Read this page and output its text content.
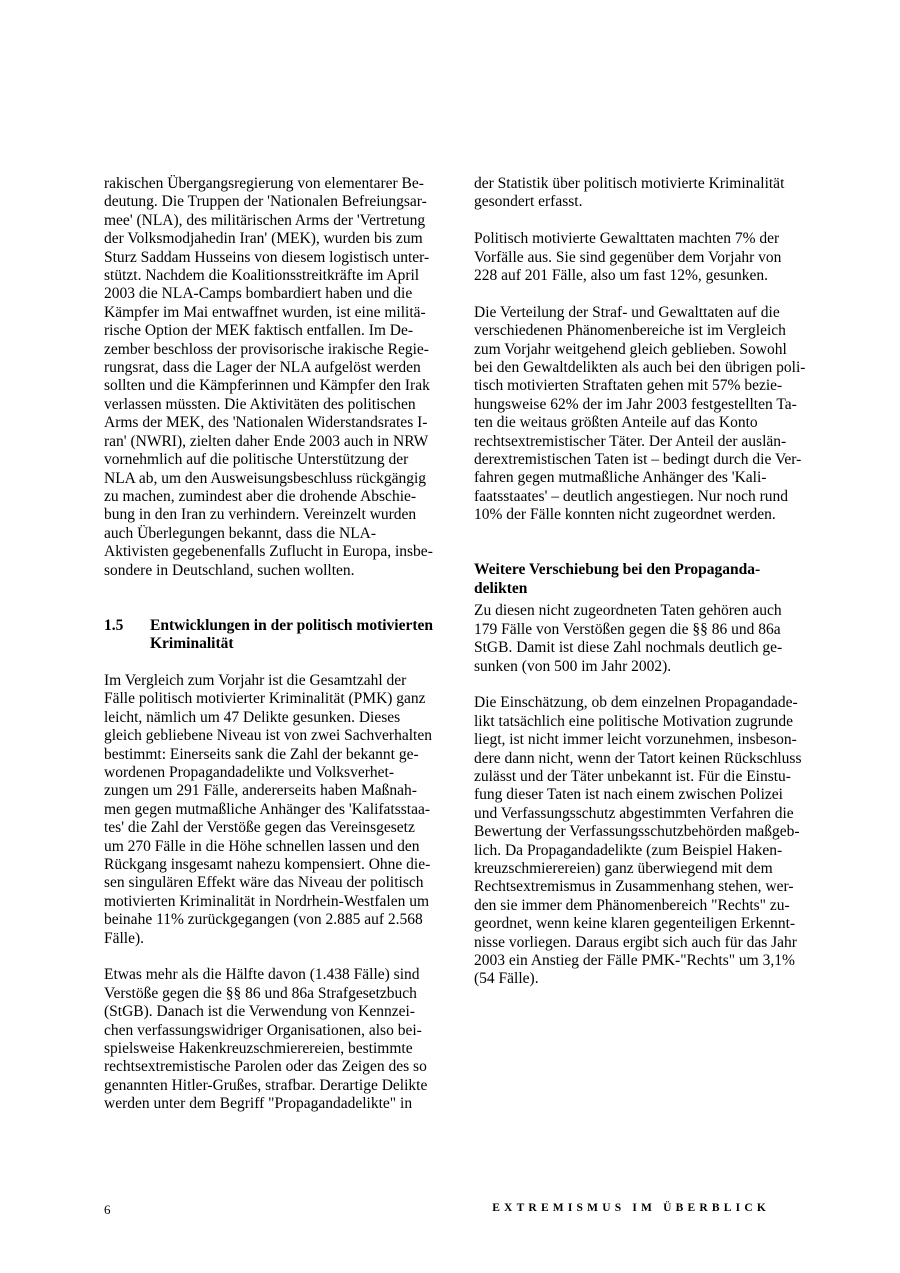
rakischen Übergangsregierung von elementarer Be-
deutung. Die Truppen der 'Nationalen Befreiungsar-
mee' (NLA), des militärischen Arms der 'Vertretung
der Volksmodjahedin Iran' (MEK), wurden bis zum
Sturz Saddam Husseins von diesem logistisch unter-
stützt. Nachdem die Koalitionsstreitkräfte im April
2003 die NLA-Camps bombardiert haben und die
Kämpfer im Mai entwaffnet wurden, ist eine militä-
rische Option der MEK faktisch entfallen. Im De-
zember beschloss der provisorische irakische Regie-
rungsrat, dass die Lager der NLA aufgelöst werden
sollten und die Kämpferinnen und Kämpfer den Irak
verlassen müssten. Die Aktivitäten des politischen
Arms der MEK, des 'Nationalen Widerstandsrates I-
ran' (NWRI), zielten daher Ende 2003 auch in NRW
vornehmlich auf die politische Unterstützung der
NLA ab, um den Ausweisungsbeschluss rückgängig
zu machen, zumindest aber die drohende Abschie-
bung in den Iran zu verhindern. Vereinzelt wurden
auch Überlegungen bekannt, dass die NLA-
Aktivisten gegebenenfalls Zuflucht in Europa, insbe-
sondere in Deutschland, suchen wollten.

1.5	Entwicklungen in der politisch motivierten
Kriminalität

Im Vergleich zum Vorjahr ist die Gesamtzahl der
Fälle politisch motivierter Kriminalität (PMK) ganz
leicht, nämlich um 47 Delikte gesunken. Dieses
gleich gebliebene Niveau ist von zwei Sachverhalten
bestimmt: Einerseits sank die Zahl der bekannt ge-
wordenen Propagandadelikte und Volksverhet-
zungen um 291 Fälle, andererseits haben Maßnah-
men gegen mutmaßliche Anhänger des 'Kalifatsstaa-
tes' die Zahl der Verstöße gegen das Vereinsgesetz
um 270 Fälle in die Höhe schnellen lassen und den
Rückgang insgesamt nahezu kompensiert. Ohne die-
sen singulären Effekt wäre das Niveau der politisch
motivierten Kriminalität in Nordrhein-Westfalen um
beinahe 11% zurückgegangen (von 2.885 auf 2.568
Fälle).

Etwas mehr als die Hälfte davon (1.438 Fälle) sind
Verstöße gegen die §§ 86 und 86a Strafgesetzbuch
(StGB). Danach ist die Verwendung von Kennzei-
chen verfassungswidriger Organisationen, also bei-
spielsweise Hakenkreuzschmierereien, bestimmte
rechtsextremistische Parolen oder das Zeigen des so
genannten Hitler-Grußes, strafbar. Derartige Delikte
werden unter dem Begriff "Propagandadelikte" in

der Statistik über politisch motivierte Kriminalität
gesondert erfasst.

Politisch motivierte Gewalttaten machten 7% der
Vorfälle aus. Sie sind gegenüber dem Vorjahr von
228 auf 201 Fälle, also um fast 12%, gesunken.

Die Verteilung der Straf- und Gewalttaten auf die
verschiedenen Phänomenbereiche ist im Vergleich
zum Vorjahr weitgehend gleich geblieben. Sowohl
bei den Gewaltdelikten als auch bei den übrigen poli-
tisch motivierten Straftaten gehen mit 57% bezie-
hungsweise 62% der im Jahr 2003 festgestellten Ta-
ten die weitaus größten Anteile auf das Konto
rechtsextremistischer Täter. Der Anteil der auslän-
derextremistischen Taten ist – bedingt durch die Ver-
fahren gegen mutmaßliche Anhänger des 'Kali-
faatsstaates' – deutlich angestiegen. Nur noch rund
10% der Fälle konnten nicht zugeordnet werden.

Weitere Verschiebung bei den Propaganda-
delikten

Zu diesen nicht zugeordneten Taten gehören auch
179 Fälle von Verstößen gegen die §§ 86 und 86a
StGB. Damit ist diese Zahl nochmals deutlich ge-
sunken (von 500 im Jahr 2002).

Die Einschätzung, ob dem einzelnen Propagandade-
likt tatsächlich eine politische Motivation zugrunde
liegt, ist nicht immer leicht vorzunehmen, insbeson-
dere dann nicht, wenn der Tatort keinen Rückschluss
zulässt und der Täter unbekannt ist. Für die Einstu-
fung dieser Taten ist nach einem zwischen Polizei
und Verfassungsschutz abgestimmten Verfahren die
Bewertung der Verfassungsschutzbehörden maßgeb-
lich. Da Propagandadelikte (zum Beispiel Haken-
kreuzschmierereien) ganz überwiegend mit dem
Rechtsextremismus in Zusammenhang stehen, wer-
den sie immer dem Phänomenbereich "Rechts" zu-
geordnet, wenn keine klaren gegenteiligen Erkennt-
nisse vorliegen. Daraus ergibt sich auch für das Jahr
2003 ein Anstieg der Fälle PMK-"Rechts" um 3,1%
(54 Fälle).

6	EXTREMISMUS IM ÜBERBLICK
